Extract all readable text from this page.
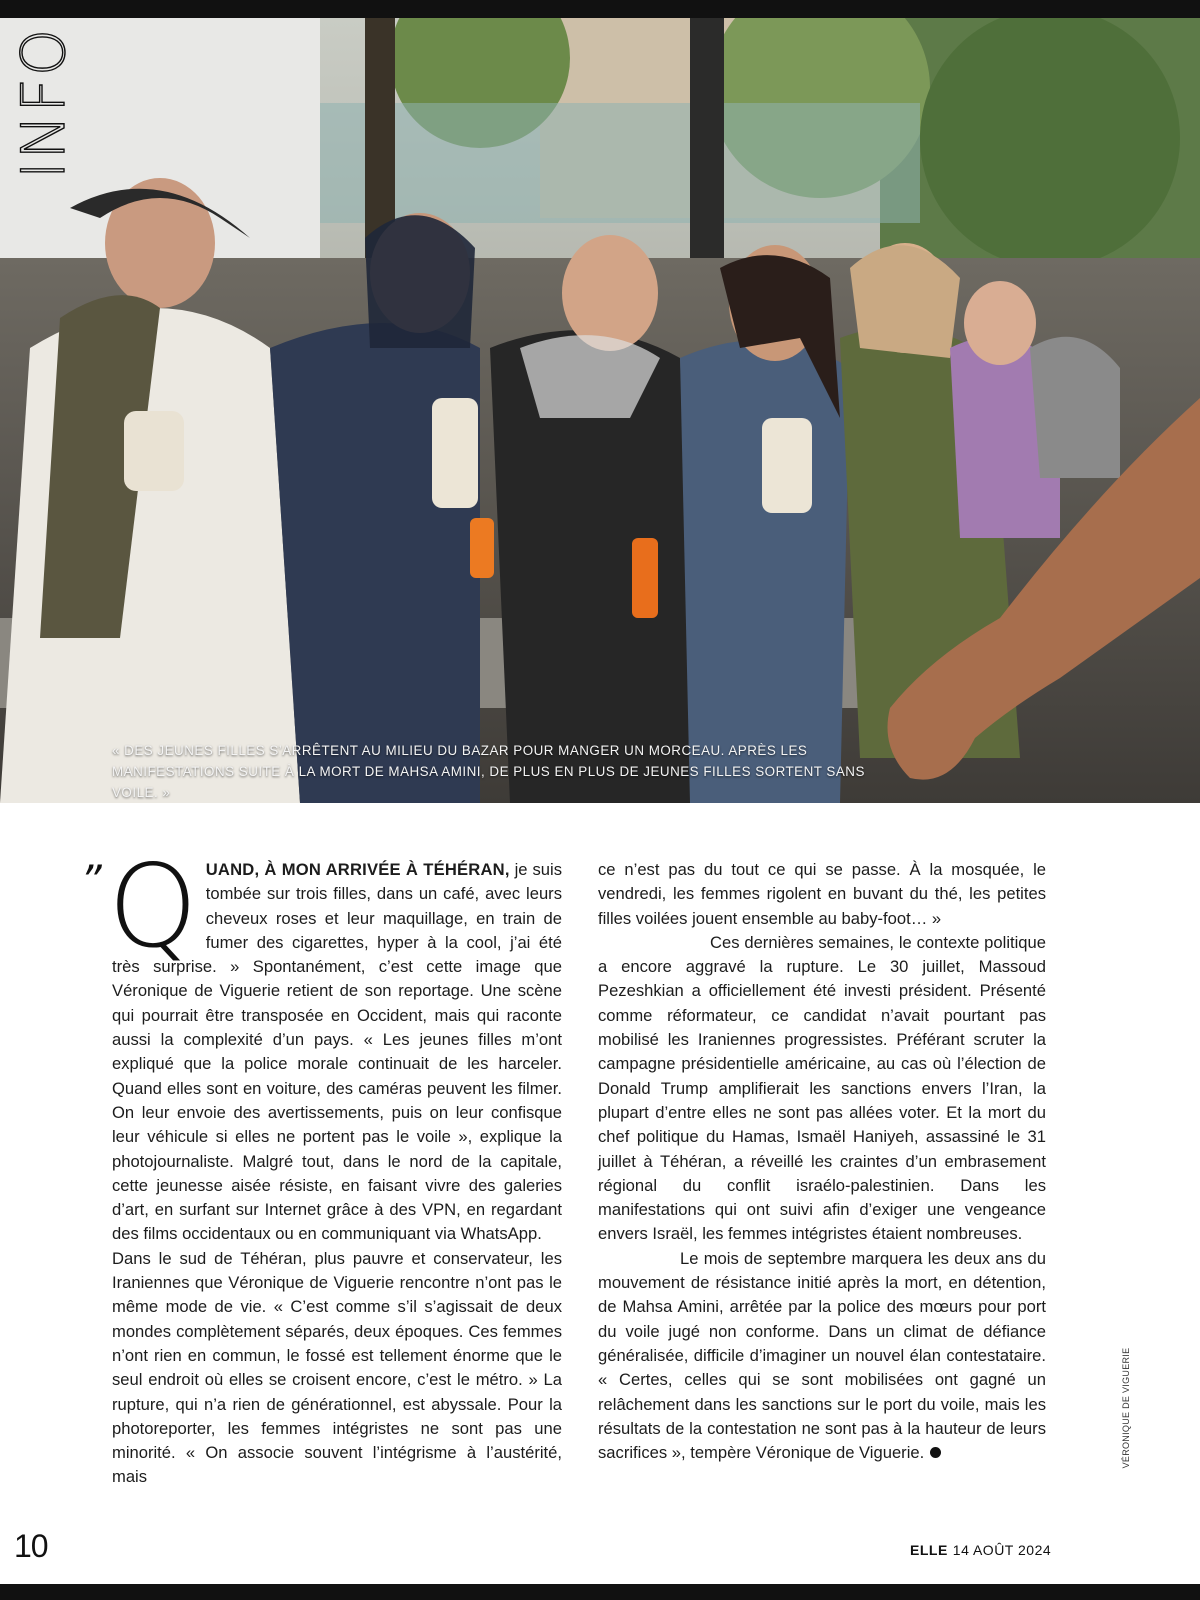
INFO
« DES JEUNES FILLES S’ARRÊTENT AU MILIEU DU BAZAR POUR MANGER UN MORCEAU. APRÈS LES MANIFESTATIONS SUITE À LA MORT DE MAHSA AMINI, DE PLUS EN PLUS DE JEUNES FILLES SORTENT SANS VOILE. »
” QUAND, À MON ARRIVÉE À TÉHÉRAN, je suis tombée sur trois filles, dans un café, avec leurs cheveux roses et leur maquillage, en train de fumer des cigarettes, hyper à la cool, j’ai été très surprise. » Spontanément, c’est cette image que Véronique de Viguerie retient de son reportage. Une scène qui pourrait être transposée en Occident, mais qui raconte aussi la complexité d’un pays. « Les jeunes filles m’ont expliqué que la police morale continuait de les harceler. Quand elles sont en voiture, des caméras peuvent les filmer. On leur envoie des avertissements, puis on leur confisque leur véhicule si elles ne portent pas le voile », explique la photojournaliste. Malgré tout, dans le nord de la capitale, cette jeunesse aisée résiste, en faisant vivre des galeries d’art, en surfant sur Internet grâce à des VPN, en regardant des films occidentaux ou en communiquant via WhatsApp.

Dans le sud de Téhéran, plus pauvre et conservateur, les Iraniennes que Véronique de Viguerie rencontre n’ont pas le même mode de vie. « C’est comme s’il s’agissait de deux mondes complètement séparés, deux époques. Ces femmes n’ont rien en commun, le fossé est tellement énorme que le seul endroit où elles se croisent encore, c’est le métro. » La rupture, qui n’a rien de générationnel, est abyssale. Pour la photoreporter, les femmes intégristes ne sont pas une minorité. « On associe souvent l’intégrisme à l’austérité, mais

ce n’est pas du tout ce qui se passe. À la mosquée, le vendredi, les femmes rigolent en buvant du thé, les petites filles voilées jouent ensemble au baby-foot… »

Ces dernières semaines, le contexte politique a encore aggravé la rupture. Le 30 juillet, Massoud Pezeshkian a officiellement été investi président. Présenté comme réformateur, ce candidat n’avait pourtant pas mobilisé les Iraniennes progressistes. Préférant scruter la campagne présidentielle américaine, au cas où l’élection de Donald Trump amplifierait les sanctions envers l’Iran, la plupart d’entre elles ne sont pas allées voter. Et la mort du chef politique du Hamas, Ismaël Haniyeh, assassiné le 31 juillet à Téhéran, a réveillé les craintes d’un embrasement régional du conflit israélo-palestinien. Dans les manifestations qui ont suivi afin d’exiger une vengeance envers Israël, les femmes intégristes étaient nombreuses.

Le mois de septembre marquera les deux ans du mouvement de résistance initié après la mort, en détention, de Mahsa Amini, arrêtée par la police des mœurs pour port du voile jugé non conforme. Dans un climat de défiance généralisée, difficile d’imaginer un nouvel élan contestataire. « Certes, celles qui se sont mobilisées ont gagné un relâchement dans les sanctions sur le port du voile, mais les résultats de la contestation ne sont pas à la hauteur de leurs sacrifices », tempère Véronique de Viguerie.	VÉRONIQUE DE VIGUERIE
10	ELLE 14 AOÛT 2024
